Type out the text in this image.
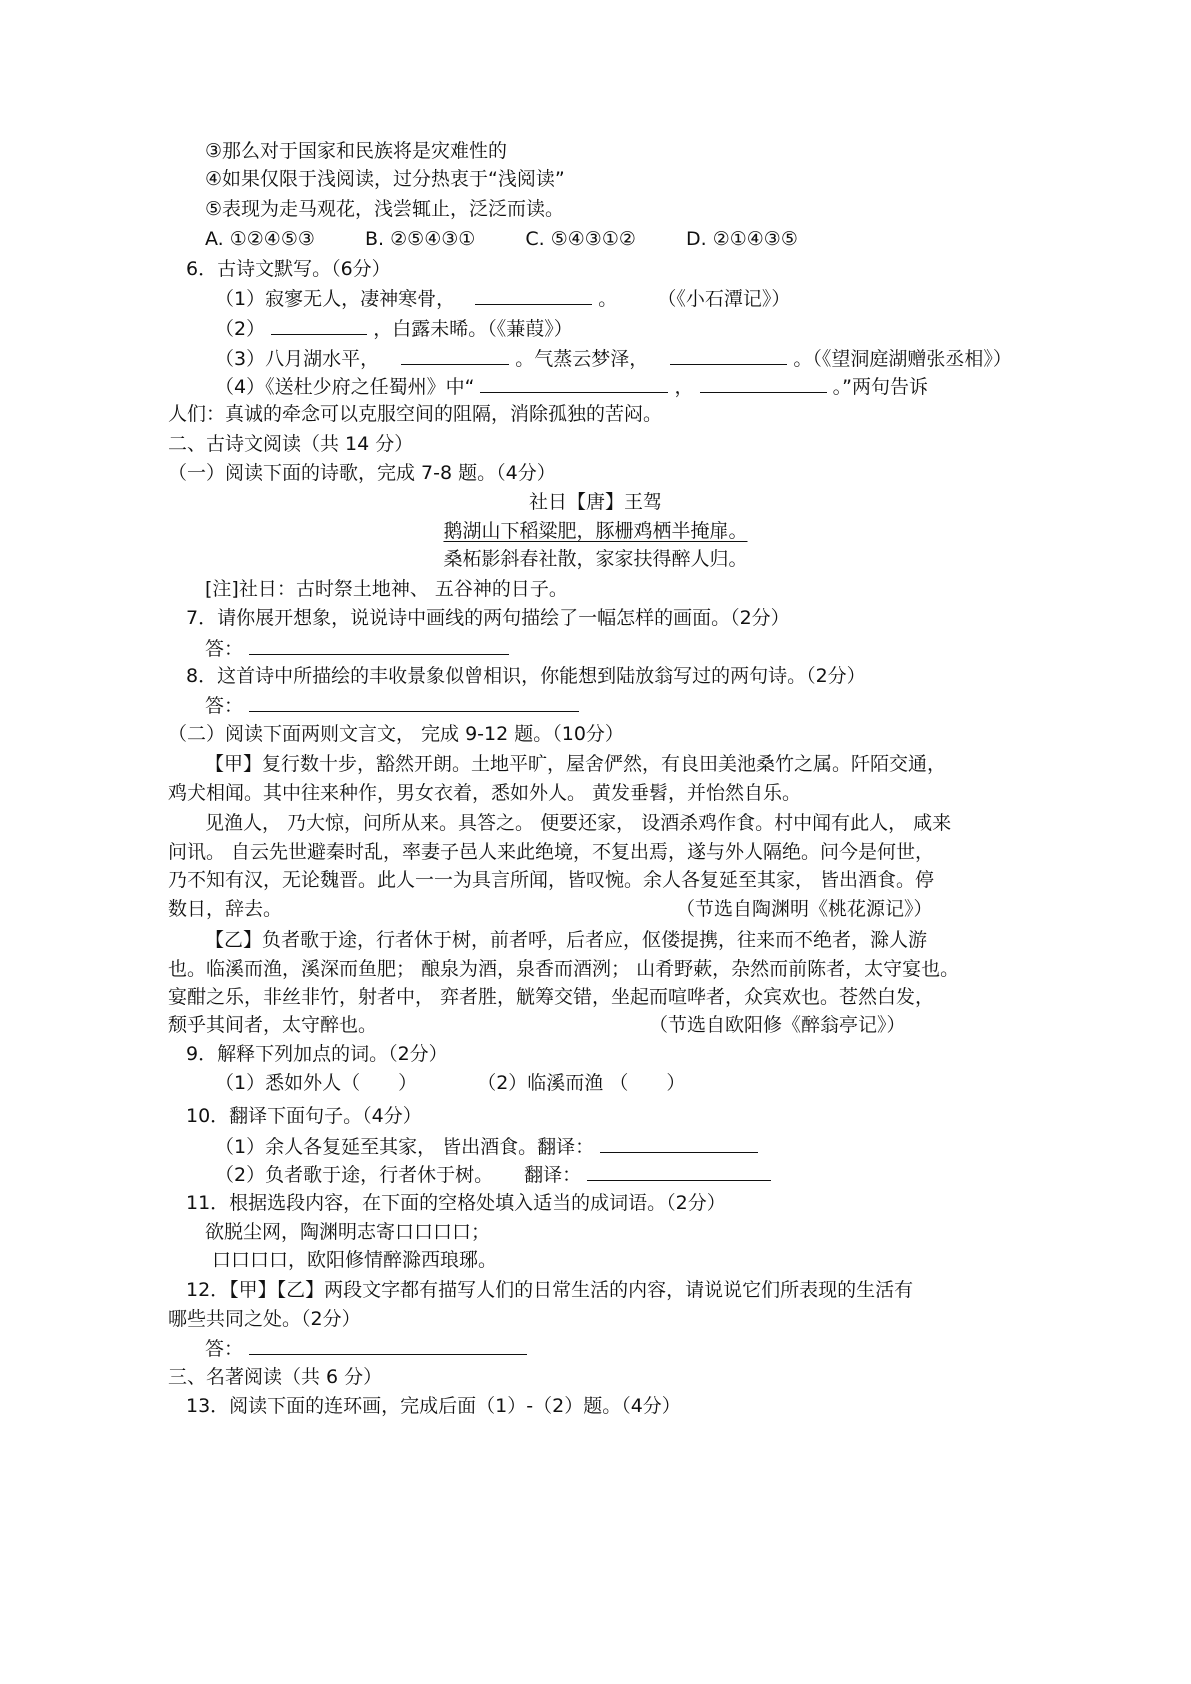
③那么对于国家和民族将是灾难性的
④如果仅限于浅阅读，过分热衷于“浅阅读”
⑤表现为走马观花，浅尝辄止，泛泛而读。
A. ①②④⑤③	B. ②⑤④③①	C. ⑤④③①②	D. ②①④③⑤
6．古诗文默写。（6分）
（1）寂寥无人，凄神寒骨，	。 （《小石潭记》）
（2）	，白露未晞。（《蒹葭》）
（3）八月湖水平，	。气蒸云梦泽，	。（《望洞庭湖赠张丞相》）
（4）《送杜少府之任蜀州》中“	，	。”两句告诉
人们：真诚的牵念可以克服空间的阻隔，消除孤独的苦闷。
二、古诗文阅读（共 14 分）
（一）阅读下面的诗歌，完成 7-8 题。（4分）
社日【唐】王驾
鹅湖山下稻粱肥，豚栅鸡栖半掩扉。
桑柘影斜春社散，家家扶得醉人归。
[注]社日：古时祭土地神、 五谷神的日子。
7．请你展开想象，说说诗中画线的两句描绘了一幅怎样的画面。（2分）
答：
8．这首诗中所描绘的丰收景象似曾相识，你能想到陆放翁写过的两句诗。（2分）
答：
（二）阅读下面两则文言文， 完成 9-12 题。（10分）
【甲】复行数十步，豁然开朗。土地平旷，屋舍俨然，有良田美池桑竹之属。阡陌交通，
鸡犬相闻。其中往来种作，男女衣着，悉如外人。 黄发垂髫，并怡然自乐。
见渔人， 乃大惊，问所从来。具答之。 便要还家， 设酒杀鸡作食。村中闻有此人， 咸来
问讯。 自云先世避秦时乱，率妻子邑人来此绝境，不复出焉，遂与外人隔绝。问今是何世，
乃不知有汉，无论魏晋。此人一一为具言所闻，皆叹惋。余人各复延至其家， 皆出酒食。停
数日，辞去。	（节选自陶渊明《桃花源记》）
【乙】负者歌于途，行者休于树，前者呼，后者应，伛偻提携，往来而不绝者，滁人游
也。临溪而渔，溪深而鱼肥； 酿泉为酒，泉香而酒洌； 山肴野蔌，杂然而前陈者，太守宴也。
宴酣之乐，非丝非竹，射者中， 弈者胜，觥筹交错，坐起而喧哗者，众宾欢也。苍然白发，
颓乎其间者，太守醉也。	（节选自欧阳修《醉翁亭记》）
9．解释下列加点的词。（2分）
（1）悉如外人（　　）	（2）临溪而渔 （　　）
10．翻译下面句子。（4分）
（1）余人各复延至其家， 皆出酒食。翻译：
（2）负者歌于途，行者休于树。 　 翻译：
11．根据选段内容，在下面的空格处填入适当的成词语。（2分）
欲脱尘网，陶渊明志寄口口口口；
口口口口，欧阳修情醉滁西琅琊。
12．【甲】【乙】两段文字都有描写人们的日常生活的内容，请说说它们所表现的生活有
哪些共同之处。（2分）
答：
三、名著阅读（共 6 分）
13．阅读下面的连环画，完成后面（1）-（2）题。（4分）
